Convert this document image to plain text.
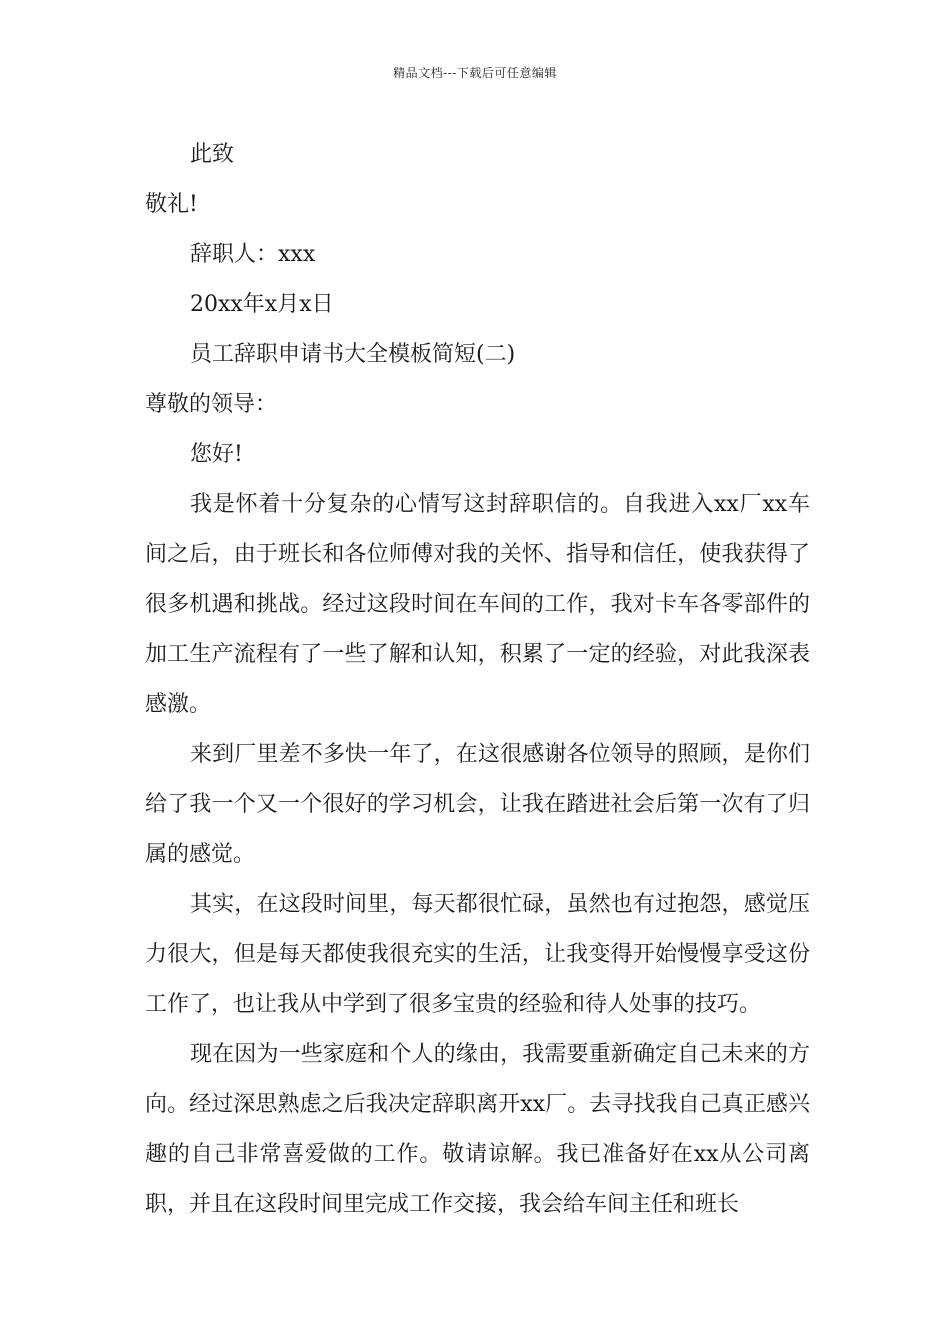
精品文档---下载后可任意编辑
此致
敬礼!
辞职人：xxx
20xx年x月x日
员工辞职申请书大全模板简短(二)
尊敬的领导：
您好!
我是怀着十分复杂的心情写这封辞职信的。自我进入xx厂xx车间之后，由于班长和各位师傅对我的关怀、指导和信任，使我获得了很多机遇和挑战。经过这段时间在车间的工作，我对卡车各零部件的加工生产流程有了一些了解和认知，积累了一定的经验，对此我深表感激。
来到厂里差不多快一年了，在这很感谢各位领导的照顾，是你们给了我一个又一个很好的学习机会，让我在踏进社会后第一次有了归属的感觉。
其实，在这段时间里，每天都很忙碌，虽然也有过抱怨，感觉压力很大，但是每天都使我很充实的生活，让我变得开始慢慢享受这份工作了，也让我从中学到了很多宝贵的经验和待人处事的技巧。
现在因为一些家庭和个人的缘由，我需要重新确定自己未来的方向。经过深思熟虑之后我决定辞职离开xx厂。去寻找我自己真正感兴趣的自己非常喜爱做的工作。敬请谅解。我已准备好在xx从公司离职，并且在这段时间里完成工作交接，我会给车间主任和班长
